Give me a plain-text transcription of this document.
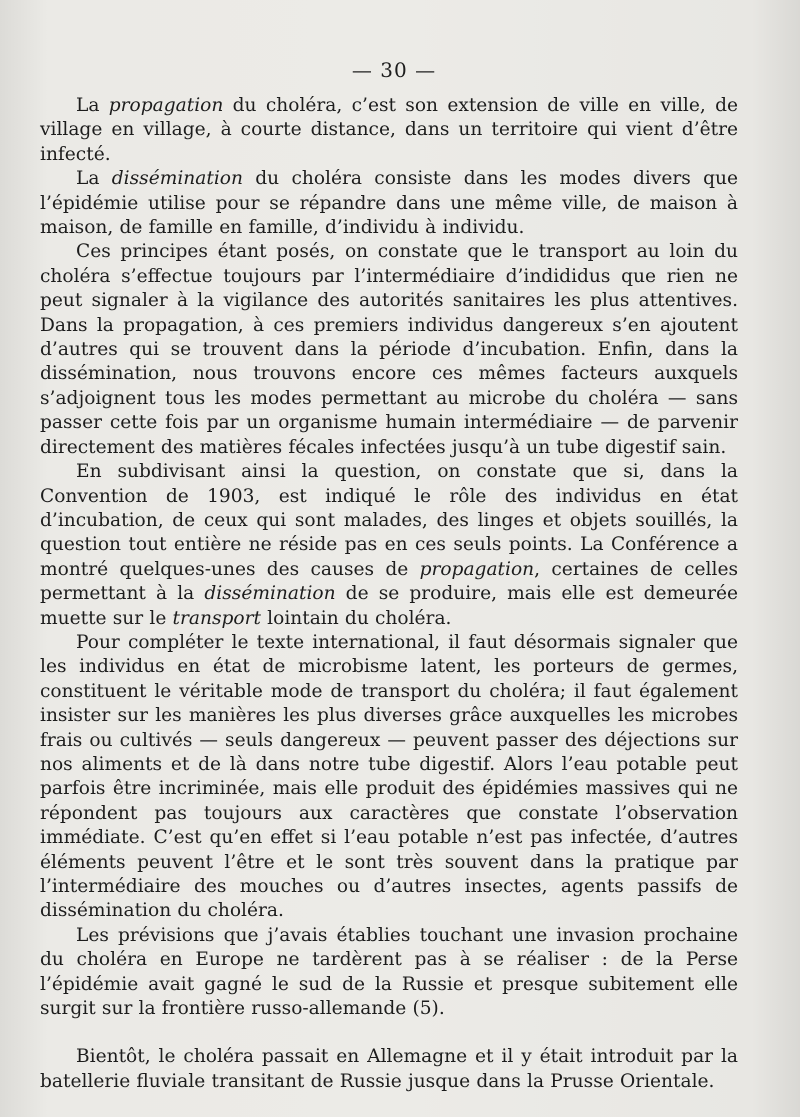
— 30 —

La propagation du choléra, c’est son extension de ville en ville, de village en village, à courte distance, dans un territoire qui vient d’être infecté.

La dissémination du choléra consiste dans les modes divers que l’épidémie utilise pour se répandre dans une même ville, de maison à maison, de famille en famille, d’individu à individu.

Ces principes étant posés, on constate que le transport au loin du choléra s’effectue toujours par l’intermédiaire d’indididus que rien ne peut signaler à la vigilance des autorités sanitaires les plus attentives. Dans la propagation, à ces premiers individus dangereux s’en ajoutent d’autres qui se trouvent dans la période d’incubation. Enfin, dans la dissémination, nous trouvons encore ces mêmes facteurs auxquels s’adjoignent tous les modes permettant au microbe du choléra — sans passer cette fois par un organisme humain intermédiaire — de parvenir directement des matières fécales infectées jusqu’à un tube digestif sain.

En subdivisant ainsi la question, on constate que si, dans la Convention de 1903, est indiqué le rôle des individus en état d’incubation, de ceux qui sont malades, des linges et objets souillés, la question tout entière ne réside pas en ces seuls points. La Conférence a montré quelques-unes des causes de propagation, certaines de celles permettant à la dissémination de se produire, mais elle est demeurée muette sur le transport lointain du choléra.

Pour compléter le texte international, il faut désormais signaler que les individus en état de microbisme latent, les porteurs de germes, constituent le véritable mode de transport du choléra; il faut également insister sur les manières les plus diverses grâce auxquelles les microbes frais ou cultivés — seuls dangereux — peuvent passer des déjections sur nos aliments et de là dans notre tube digestif. Alors l’eau potable peut parfois être incriminée, mais elle produit des épidémies massives qui ne répondent pas toujours aux caractères que constate l’observation immédiate. C’est qu’en effet si l’eau potable n’est pas infectée, d’autres éléments peuvent l’être et le sont très souvent dans la pratique par l’intermédiaire des mouches ou d’autres insectes, agents passifs de dissémination du choléra.

Les prévisions que j’avais établies touchant une invasion prochaine du choléra en Europe ne tardèrent pas à se réaliser : de la Perse l’épidémie avait gagné le sud de la Russie et presque subitement elle surgit sur la frontière russo-allemande (5).

Bientôt, le choléra passait en Allemagne et il y était introduit par la batellerie fluviale transitant de Russie jusque dans la Prusse Orientale.
